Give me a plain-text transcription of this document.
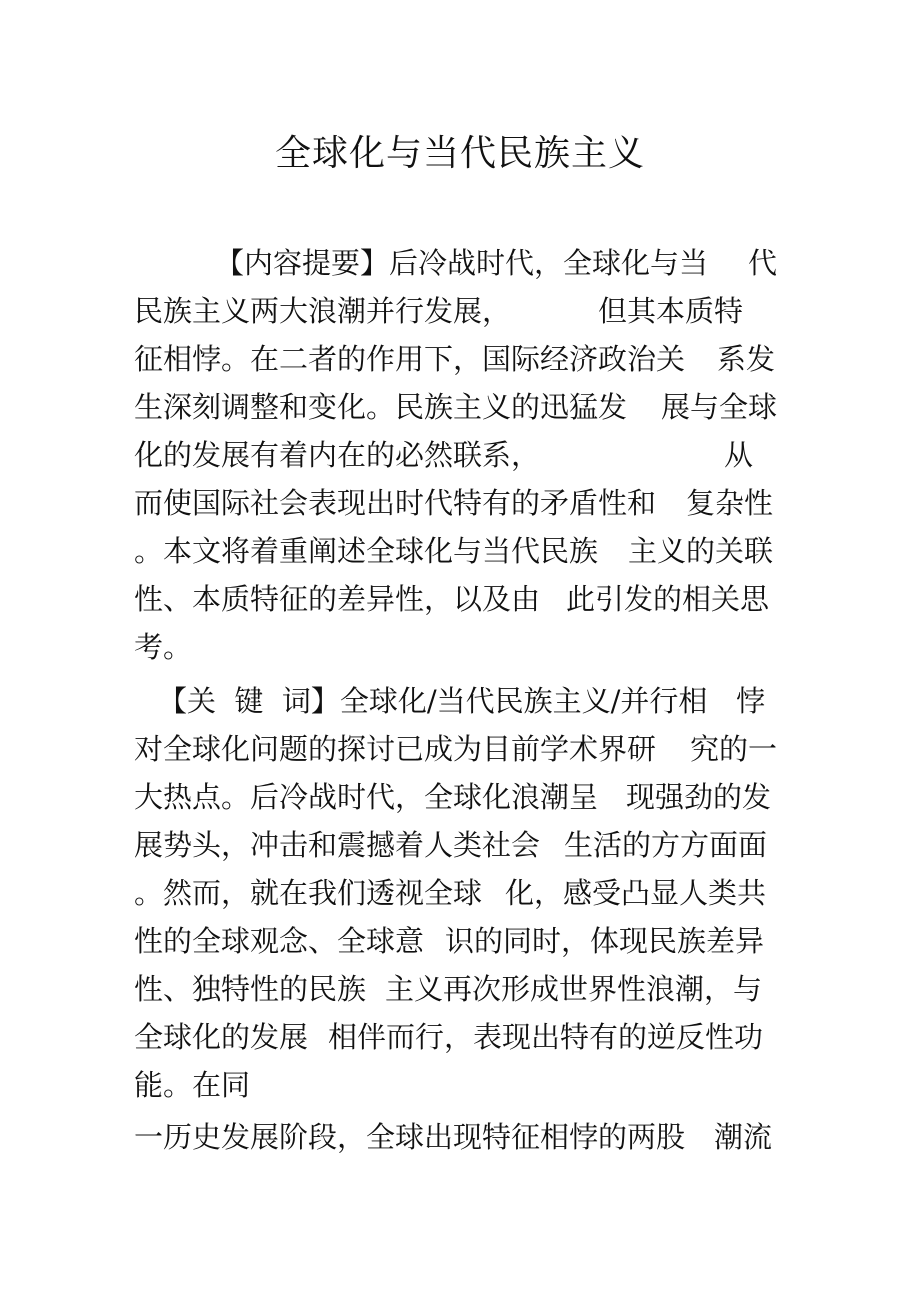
全球化与当代民族主义

【内容提要】后冷战时代，全球化与当

代

民族主义两大浪潮并行发展，

	但其本质特

征相悖。在二者的作用下，国际经济政治关

系发

生深刻调整和变化。民族主义的迅猛发

展与全球

化的发展有着内在的必然联系，

	从

而使国际社会表现出时代特有的矛盾性和

复杂性

。本文将着重阐述全球化与当代民族

主义的关联

性、本质特征的差异性，以及由

此引发的相关思

考。

【关  键  词】全球化/当代民族主义/并行相

悖

对全球化问题的探讨已成为目前学术界研

究的一

大热点。后冷战时代，全球化浪潮呈

现强劲的发

展势头，冲击和震撼着人类社会

生活的方方面面

。然而，就在我们透视全球

化，感受凸显人类共

性的全球观念、全球意

识的同时，体现民族差异

性、独特性的民族

主义再次形成世界性浪潮，与

全球化的发展

相伴而行，表现出特有的逆反性功

能。在同

一历史发展阶段，全球出现特征相悖的两股

潮流
